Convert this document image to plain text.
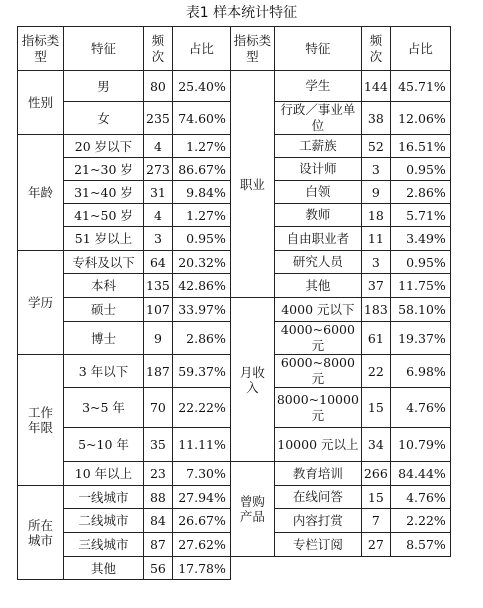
表1 样本统计特征
指标类型	特征	频次	占比	指标类型	特征	频次	占比
性别	男	80	25.40%	职业	学生	144	45.71%
	女	235	74.60%		行政／事业单位	38	12.06%
年龄	20 岁以下	4	1.27%		工薪族	52	16.51%
	21~30 岁	273	86.67%		设计师	3	0.95%
	31~40 岁	31	9.84%		白领	9	2.86%
	41~50 岁	4	1.27%		教师	18	5.71%
	51 岁以上	3	0.95%		自由职业者	11	3.49%
学历	专科及以下	64	20.32%		研究人员	3	0.95%
	本科	135	42.86%		其他	37	11.75%
	硕士	107	33.97%	月收入	4000 元以下	183	58.10%
	博士	9	2.86%		4000~6000 元	61	19.37%
工作年限	3 年以下	187	59.37%		6000~8000 元	22	6.98%
	3~5 年	70	22.22%		8000~10000元	15	4.76%
	5~10 年	35	11.11%		10000 元以上	34	10.79%
	10 年以上	23	7.30%	曾购产品	教育培训	266	84.44%
所在城市	一线城市	88	27.94%		在线问答	15	4.76%
	二线城市	84	26.67%		内容打赏	7	2.22%
	三线城市	87	27.62%		专栏订阅	27	8.57%
	其他	56	17.78%				
